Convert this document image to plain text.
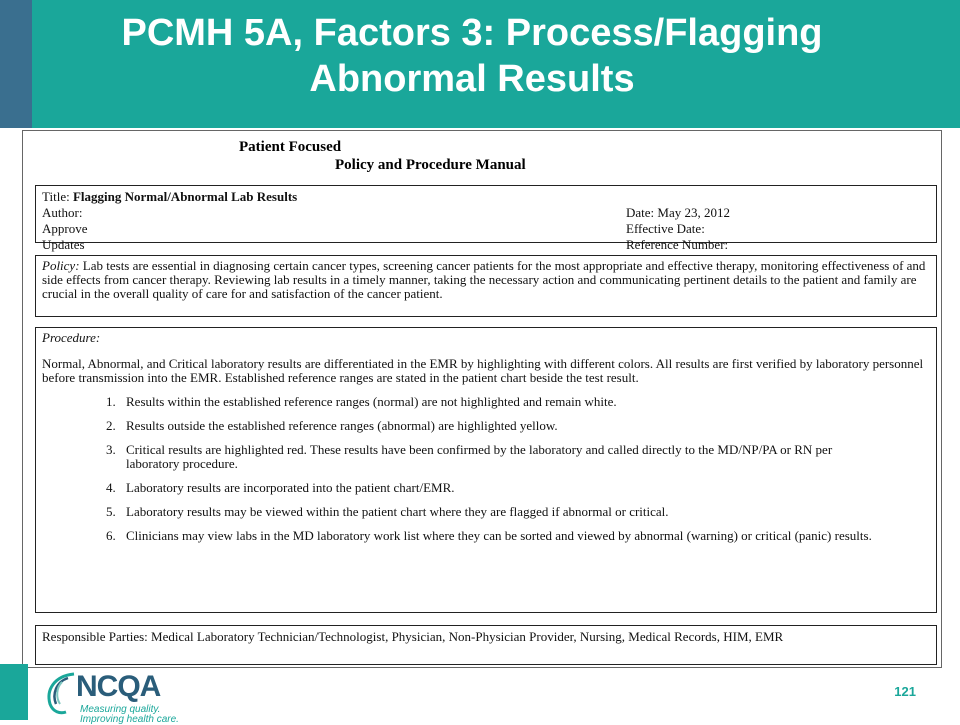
PCMH 5A, Factors 3: Process/Flagging
Abnormal Results
Patient Focused
Policy and Procedure Manual
Title: Flagging Normal/Abnormal Lab Results
Author:	Date: May 23, 2012
Approve	Effective Date:
Updates	Reference Number:
Policy: Lab tests are essential in diagnosing certain cancer types, screening cancer patients for the most appropriate and effective therapy, monitoring effectiveness of and side effects from cancer therapy. Reviewing lab results in a timely manner, taking the necessary action and communicating pertinent details to the patient and family are crucial in the overall quality of care for and satisfaction of the cancer patient.
Procedure:
Normal, Abnormal, and Critical laboratory results are differentiated in the EMR by highlighting with different colors. All results are first verified by laboratory personnel before transmission into the EMR. Established reference ranges are stated in the patient chart beside the test result.
1. Results within the established reference ranges (normal) are not highlighted and remain white.
2. Results outside the established reference ranges (abnormal) are highlighted yellow.
3. Critical results are highlighted red. These results have been confirmed by the laboratory and called directly to the MD/NP/PA or RN per laboratory procedure.
4. Laboratory results are incorporated into the patient chart/EMR.
5. Laboratory results may be viewed within the patient chart where they are flagged if abnormal or critical.
6. Clinicians may view labs in the MD laboratory work list where they can be sorted and viewed by abnormal (warning) or critical (panic) results.
Responsible Parties: Medical Laboratory Technician/Technologist, Physician, Non-Physician Provider, Nursing, Medical Records, HIM, EMR
NCQA
Measuring quality.
Improving health care.
121
